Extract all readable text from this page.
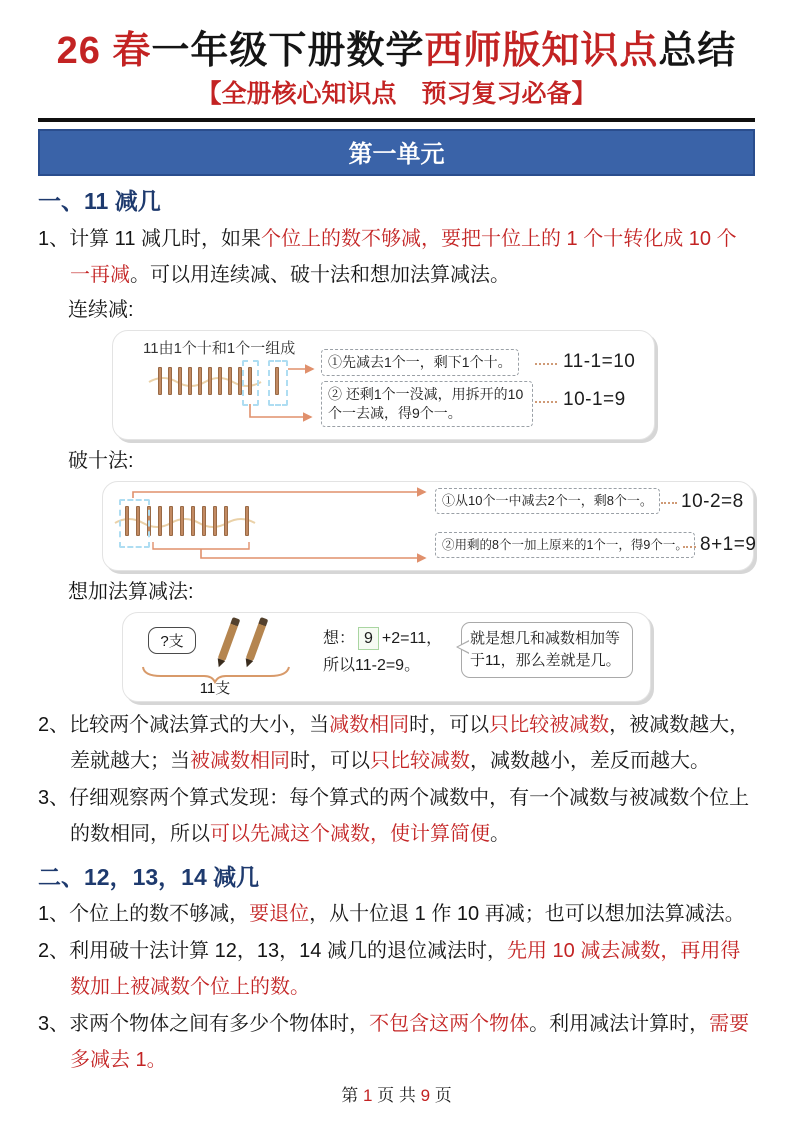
26 春一年级下册数学西师版知识点总结
【全册核心知识点　预习复习必备】
第一单元
一、11 减几
1、计算 11 减几时，如果个位上的数不够减，要把十位上的 1 个十转化成 10 个一再减。可以用连续减、破十法和想加法算减法。
连续减:
11由1个十和1个一组成
①先减去1个一，剩下1个十。	11-1=10
② 还剩1个一没减，用拆开的10个一去减，得9个一。
10-1=9
破十法:
①从10个一中减去2个一，剩8个一。	10-2=8
②用剩的8个一加上原来的1个一，得9个一。 8+1=9
想加法算减法:
?支
11支
想： 9 +2=11，
所以11-2=9。
就是想几和减数相加等
于11，那么差就是几。
2、比较两个减法算式的大小，当减数相同时，可以只比较被减数，被减数越大，差就越大；当被减数相同时，可以只比较减数，减数越小，差反而越大。
3、仔细观察两个算式发现：每个算式的两个减数中，有一个减数与被减数个位上的数相同，所以可以先减这个减数，使计算简便。
二、12，13，14 减几
1、个位上的数不够减，要退位，从十位退 1 作 10 再减；也可以想加法算减法。
2、利用破十法计算 12，13，14 减几的退位减法时，先用 10 减去减数，再用得数加上被减数个位上的数。
3、求两个物体之间有多少个物体时，不包含这两个物体。利用减法计算时，需要多减去 1。
第 1 页 共 9 页
